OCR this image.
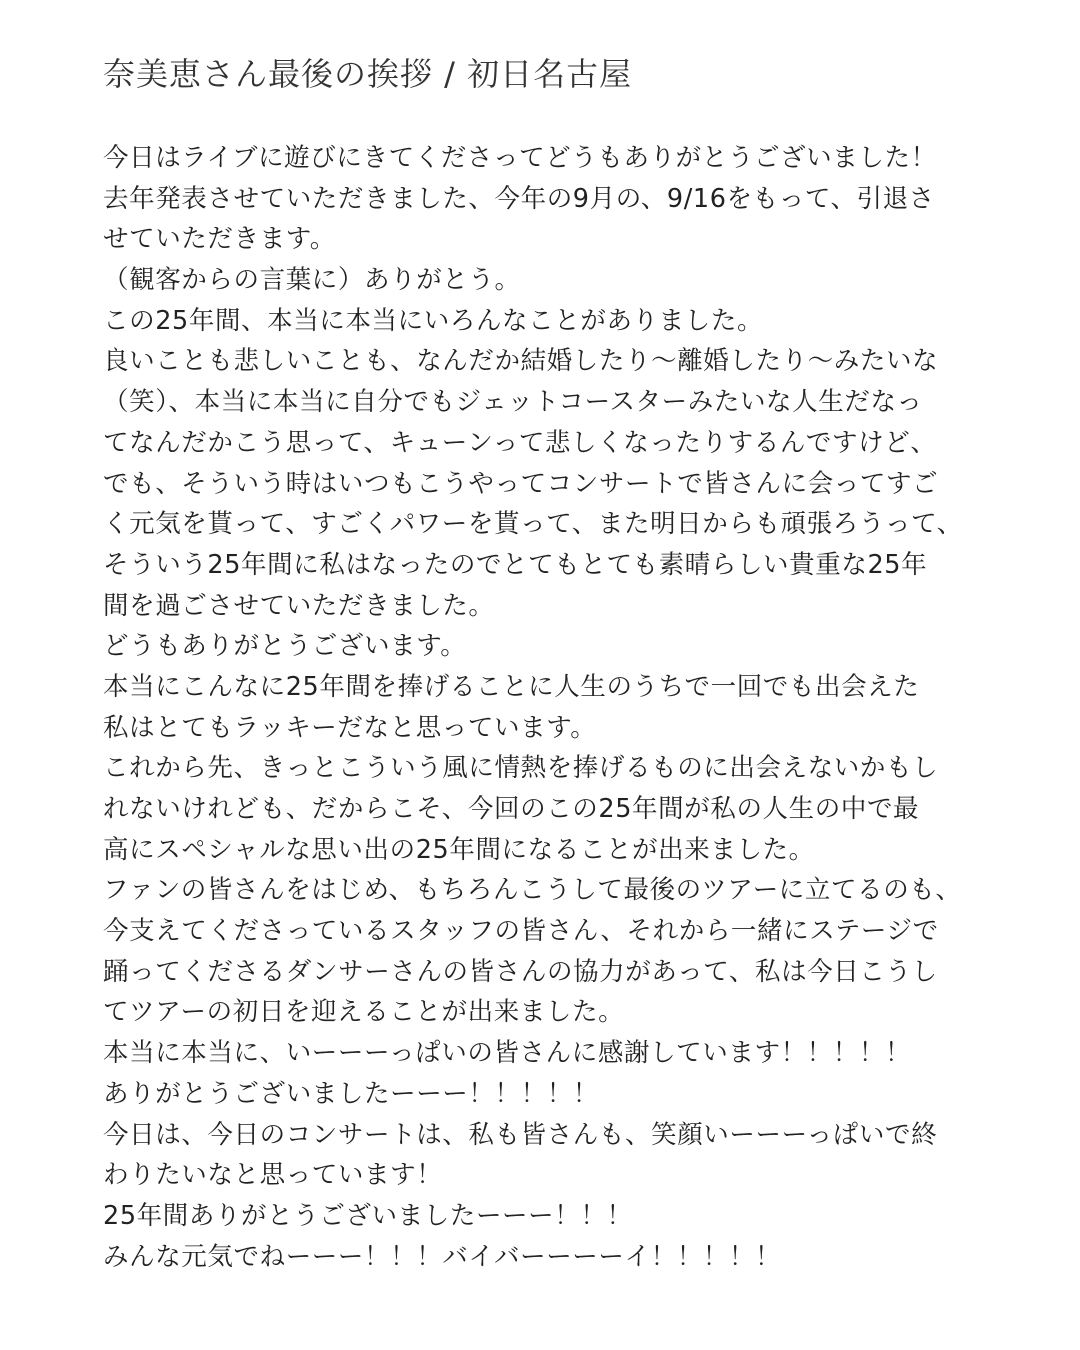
奈美恵さん最後の挨拶 / 初日名古屋
今日はライブに遊びにきてくださってどうもありがとうございました！
去年発表させていただきました、今年の9月の、9/16をもって、引退さ
せていただきます。
（観客からの言葉に）ありがとう。
この25年間、本当に本当にいろんなことがありました。
良いことも悲しいことも、なんだか結婚したり〜離婚したり〜みたいな
（笑）、本当に本当に自分でもジェットコースターみたいな人生だなっ
てなんだかこう思って、キューンって悲しくなったりするんですけど、
でも、そういう時はいつもこうやってコンサートで皆さんに会ってすご
く元気を貰って、すごくパワーを貰って、また明日からも頑張ろうって、
そういう25年間に私はなったのでとてもとても素晴らしい貴重な25年
間を過ごさせていただきました。
どうもありがとうございます。
本当にこんなに25年間を捧げることに人生のうちで一回でも出会えた
私はとてもラッキーだなと思っています。
これから先、きっとこういう風に情熱を捧げるものに出会えないかもし
れないけれども、だからこそ、今回のこの25年間が私の人生の中で最
高にスペシャルな思い出の25年間になることが出来ました。
ファンの皆さんをはじめ、もちろんこうして最後のツアーに立てるのも、
今支えてくださっているスタッフの皆さん、それから一緒にステージで
踊ってくださるダンサーさんの皆さんの協力があって、私は今日こうし
てツアーの初日を迎えることが出来ました。
本当に本当に、いーーーっぱいの皆さんに感謝しています！！！！！
ありがとうございましたーーー！！！！！
今日は、今日のコンサートは、私も皆さんも、笑顔いーーーっぱいで終
わりたいなと思っています！
25年間ありがとうございましたーーー！！！
みんな元気でねーーー！！！バイバーーーーイ！！！！！
